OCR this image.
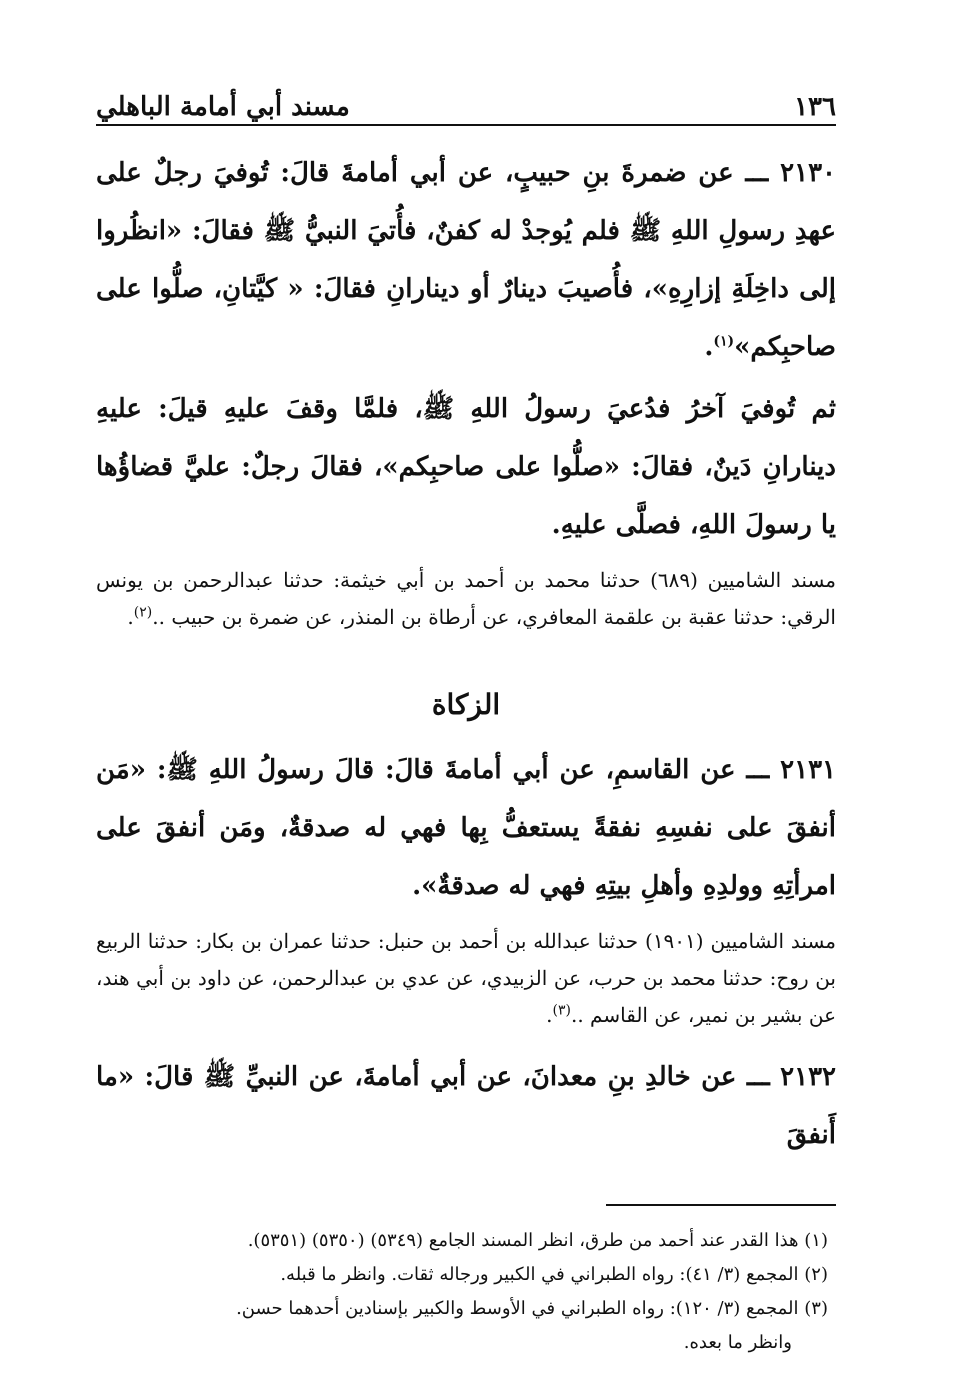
١٣٦
مسند أبي أمامة الباهلي

٢١٣٠ ـــ عن ضمرةَ بنِ حبيبٍ، عن أبي أمامةَ قالَ: تُوفيَ رجلٌ على عهدِ رسولِ اللهِ ﷺ فلم يُوجدْ له كفنٌ، فأُتيَ النبيُّ ﷺ فقالَ: «انظُروا إلى داخِلَةِ إزارِهِ»، فأُصيبَ دينارٌ أو دينارانِ فقالَ: « كيَّتانِ، صلُّوا على صاحبِكم»$^{(١)}$.

ثم تُوفيَ آخرُ فدُعيَ رسولُ اللهِ ﷺ، فلمَّا وقفَ عليهِ قيلَ: عليهِ دينارانِ دَينٌ، فقالَ: «صلُّوا على صاحبِكم»، فقالَ رجلٌ: عليَّ قضاؤُها يا رسولَ اللهِ، فصلَّى عليهِ.

مسند الشاميين (٦٨٩) حدثنا محمد بن أحمد بن أبي خيثمة: حدثنا عبدالرحمن بن يونس الرقي: حدثنا عقبة بن علقمة المعافري، عن أرطاة بن المنذر، عن ضمرة بن حبيب ..$^{(٢)}$.

الزكاة

٢١٣١ ـــ عن القاسمِ، عن أبي أمامةَ قالَ: قالَ رسولُ اللهِ ﷺ: «مَن أنفقَ على نفسِهِ نفقةً يستعفُّ بِها فهي له صدقةٌ، ومَن أنفقَ على امرأتِهِ وولدِهِ وأهلِ بيتِهِ فهي له صدقةٌ».

مسند الشاميين (١٩٠١) حدثنا عبدالله بن أحمد بن حنبل: حدثنا عمران بن بكار: حدثنا الربيع بن روح: حدثنا محمد بن حرب، عن الزبيدي، عن عدي بن عبدالرحمن، عن داود بن أبي هند، عن بشير بن نمير، عن القاسم ..$^{(٣)}$.

٢١٣٢ ـــ عن خالدِ بنِ معدانَ، عن أبي أمامةَ، عن النبيِّ ﷺ قالَ: «ما أَنفقَ

(١) هذا القدر عند أحمد من طرق، انظر المسند الجامع (٥٣٤٩) (٥٣٥٠) (٥٣٥١).

(٢) المجمع (٣/ ٤١): رواه الطبراني في الكبير ورجاله ثقات. وانظر ما قبله.

(٣) المجمع (٣/ ١٢٠): رواه الطبراني في الأوسط والكبير بإسنادين أحدهما حسن.

وانظر ما بعده.
